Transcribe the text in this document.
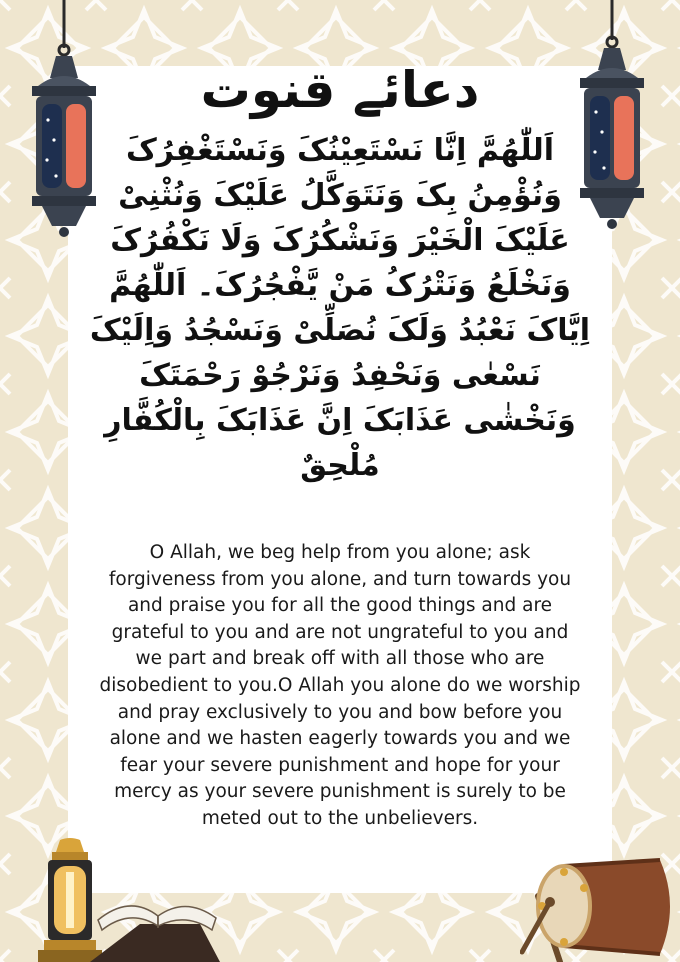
دعائے قنوت

اَللّٰھُمَّ اِنَّا نَسْتَعِیْنُکَ وَنَسْتَغْفِرُکَ وَنُؤْمِنُ بِکَ وَنَتَوَکَّلُ عَلَیْکَ وَنُثْنِیْ عَلَیْکَ الْخَیْرَ وَنَشْکُرُکَ وَلَا نَکْفُرُکَ وَنَخْلَعُ وَنَتْرُکُ مَنْ یَّفْجُرُکَ۔ اَللّٰھُمَّ اِیَّاکَ نَعْبُدُ وَلَکَ نُصَلِّیْ وَنَسْجُدُ وَاِلَیْکَ نَسْعٰی وَنَحْفِدُ وَنَرْجُوْ رَحْمَتَکَ وَنَخْشٰی عَذَابَکَ اِنَّ عَذَابَکَ بِالْکُفَّارِ مُلْحِقٌ

O Allah, we beg help from you alone; ask forgiveness from you alone, and turn towards you and praise you for all the good things and are grateful to you and are not ungrateful to you and we part and break off with all those who are disobedient to you.O Allah you alone do we worship and pray exclusively to you and bow before you alone and we hasten eagerly towards you and we fear your severe punishment and hope for your mercy as your severe punishment is surely to be meted out to the unbelievers.
